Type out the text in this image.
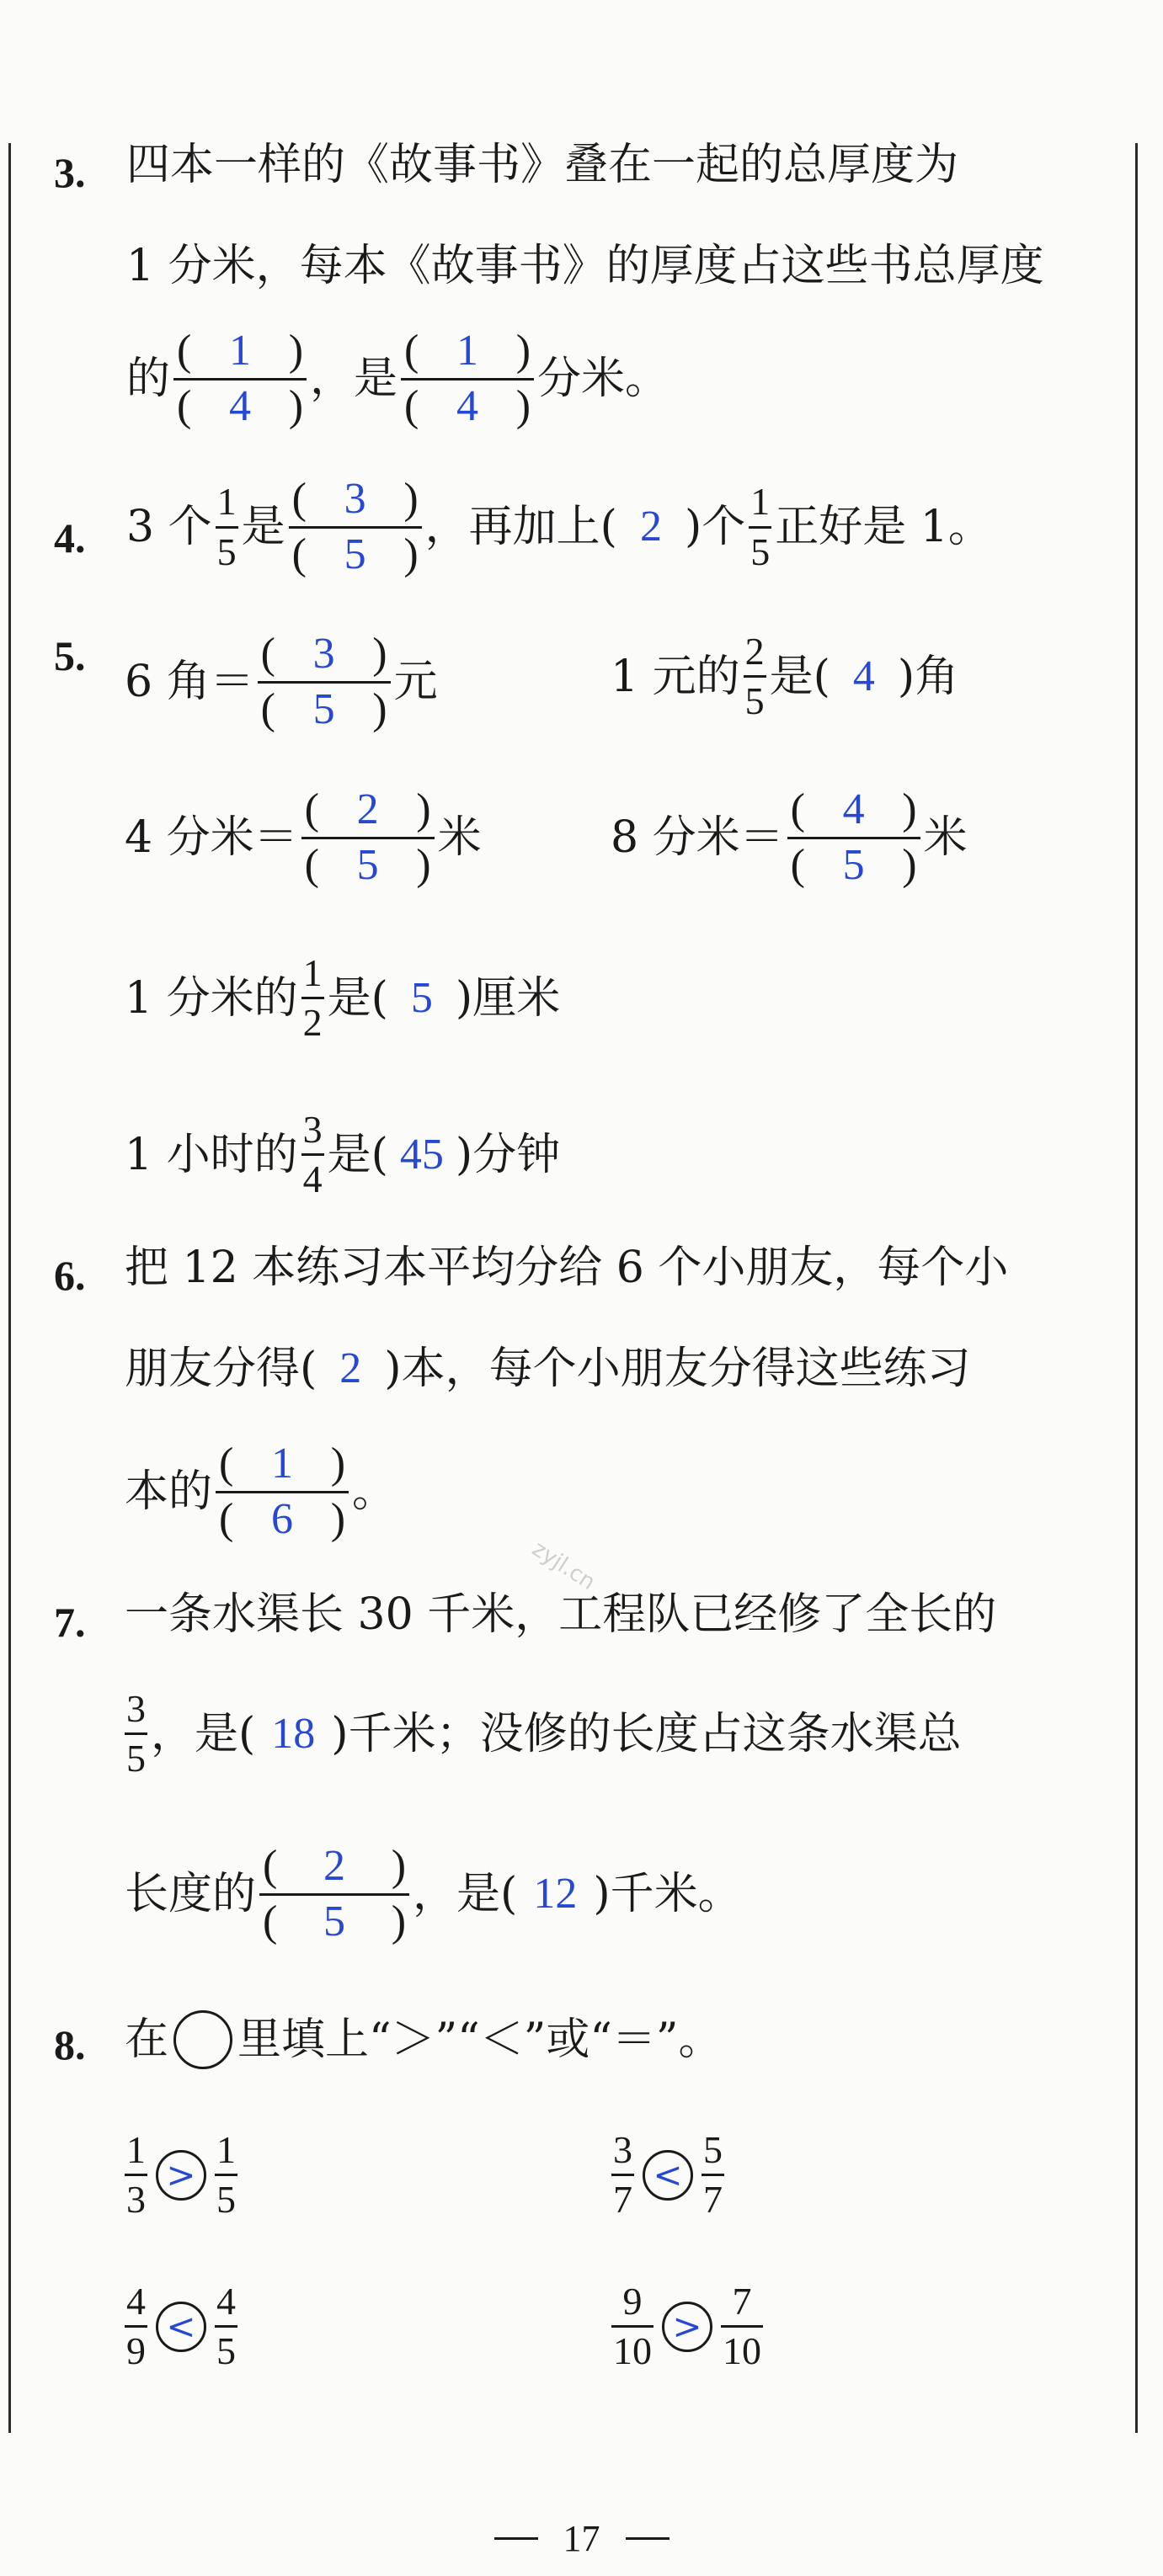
3. 四本一样的《故事书》叠在一起的总厚度为
1 分米，每本《故事书》的厚度占这些书总厚度
的 $\frac{( 1 )}{( 4 )}$ ，是 $\frac{( 1 )}{( 4 )}$ 分米。
4. 3 个 $\frac{1}{5}$ 是 $\frac{( 3 )}{( 5 )}$ ，再加上( 2 )个 $\frac{1}{5}$ 正好是 1。
5.
6 角＝ $\frac{( 3 )}{( 5 )}$ 元	1 元的 $\frac{2}{5}$ 是( 4 )角
4 分米＝ $\frac{( 2 )}{( 5 )}$ 米	8 分米＝ $\frac{( 4 )}{( 5 )}$ 米
1 分米的 $\frac{1}{2}$ 是( 5 )厘米
1 小时的 $\frac{3}{4}$ 是( 45 )分钟
6. 把 12 本练习本平均分给 6 个小朋友，每个小
朋友分得( 2 )本，每个小朋友分得这些练习
本的 $\frac{( 1 )}{( 6 )}$ 。
zyjl.cn
7. 一条水渠长 30 千米，工程队已经修了全长的
$\frac{3}{5}$ ，是( 18 )千米；没修的长度占这条水渠总
长度的 $\frac{( 2 )}{( 5 )}$ ，是( 12 )千米。
8. 在 里填上“＞”“＜”或“＝”。
$\frac{1}{3} > \frac{1}{5}$	$\frac{3}{7} < \frac{5}{7}$
$\frac{4}{9} < \frac{4}{5}$	$\frac{9}{10} > \frac{7}{10}$
17
